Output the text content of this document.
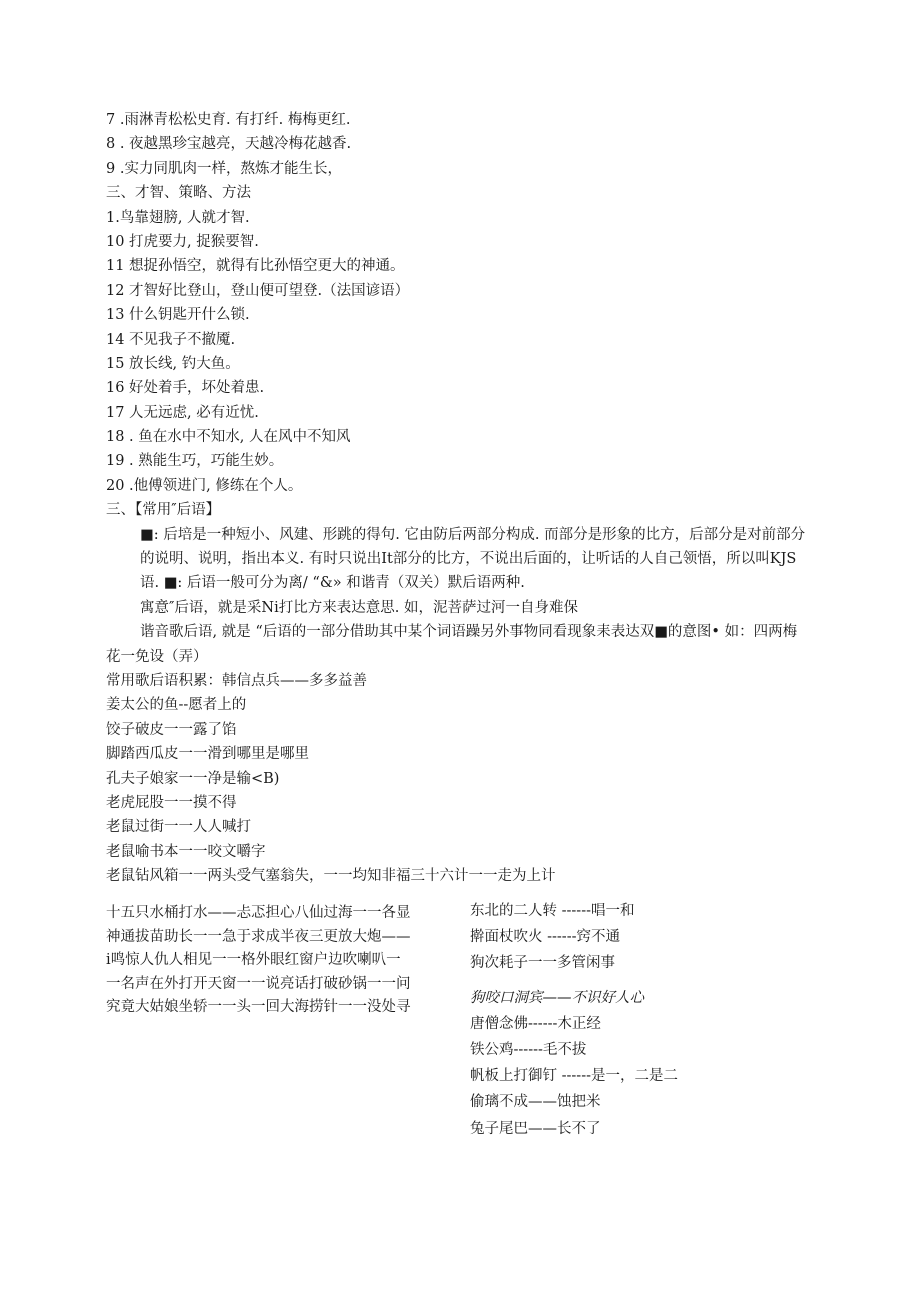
7 .雨淋青松松史育. 有打纤. 梅梅更红.
8 . 夜越黑珍宝越亮，天越冷梅花越香.
9 .实力同肌肉一样，熬炼才能生长，
三、才智、策略、方法
1.鸟靠翅膀, 人就才智.
10 打虎要力, 捉猴要智.
11 想捉孙悟空，就得有比孙悟空更大的神通。
12 才智好比登山，登山便可望登.（法国谚语）
13 什么钥匙开什么锁.
14 不见我子不撤魇.
15 放长线, 钓大鱼。
16 好处着手，坏处着患.
17 人无远虑, 必有近忧.
18 . 鱼在水中不知水, 人在风中不知风
19 . 熟能生巧，巧能生妙。
20 .他傅领进门, 修练在个人。
三、【常用″后语】
■: 后培是一种短小、风建、形跳的得句. 它由防后两部分构成. 而部分是形象的比方，后部分是对前部分的说明、说明，指出本义. 有时只说出It部分的比方，不说出后面的，让听话的人自己领悟，所以叫KJS语. ■: 后语一般可分为离/ “&» 和谐青（双关）默后语两种.
寓意″后语，就是采Ni打比方来表达意思. 如，泥菩萨过河一自身难保
谐音歌后语, 就是 “后语的一部分借助其中某个词语躁另外事物同看现象耒表达双■的意图• 如：四两梅花一免设（弄）
常用歌后语积累：韩信点兵——多多益善
姜太公的鱼--愿者上的
饺子破皮一一露了馅
脚踏西瓜皮一一滑到哪里是哪里
孔夫子娘家一一净是输<B)
老虎屁股一一摸不得
老鼠过街一一人人喊打
老鼠喻书本一一咬文嚼字
老鼠钻风箱一一两头受气塞翁失，一一均知非福三十六计一一走为上计
十五只水桶打水——忐忑担心八仙过海一一各显
神通拔苗助长一一急于求成半夜三更放大炮——
i鸣惊人仇人相见一一格外眼红窗户边吹喇叭一
一名声在外打开天窗一一说亮话打破砂锅一一问
究竟大姑娘坐轿一一头一回大海捞针一一没处寻
东北的二人转 ------唱一和
擀面杖吹火 ------窍不通
狗次耗子一一多管闲事
狗咬口洞宾——不识好人心
唐僧念佛------木正经
铁公鸡------毛不拔
帆板上打御钉 ------是一，二是二
偷璃不成——蚀把米
兔子尾巴——长不了
